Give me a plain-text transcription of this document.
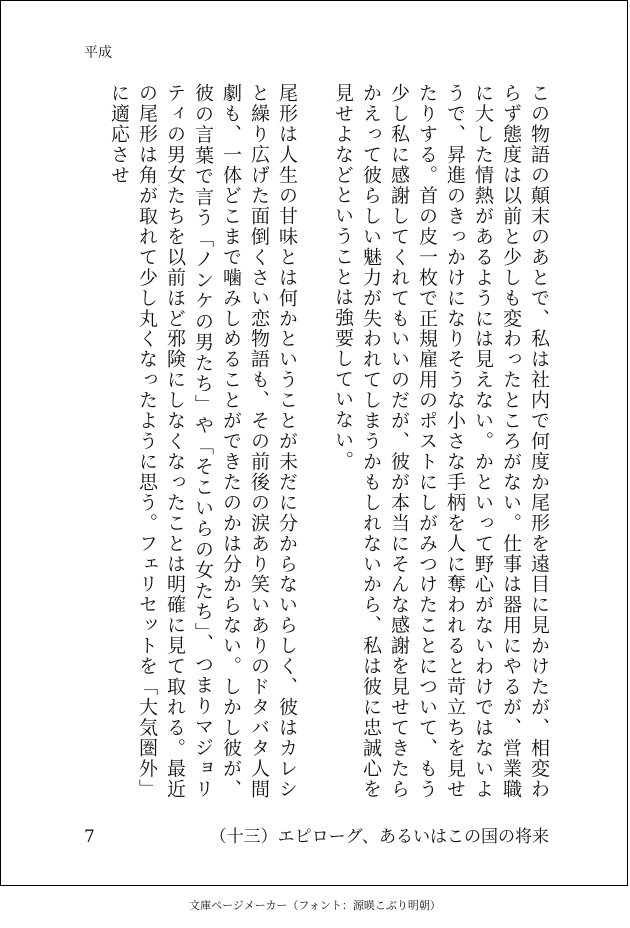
平成

この物語の顛末のあとで、私は社内で何度か尾形を遠目に見かけたが、相変わらず態度は以前と少しも変わったところがない。仕事は器用にやるが、営業職に大した情熱があるようには見えない。かといって野心がないわけではないようで、昇進のきっかけになりそうな小さな手柄を人に奪われると苛立ちを見せたりする。首の皮一枚で正規雇用のポストにしがみつけたことについて、もう少し私に感謝してくれてもいいのだが、彼が本当にそんな感謝を見せてきたらかえって彼らしい魅力が失われてしまうかもしれないから、私は彼に忠誠心を見せよなどということは強要していない。

尾形は人生の甘味とは何かということが未だに分からないらしく、彼はカレシと繰り広げた面倒くさい恋物語も、その前後の涙あり笑いありのドタバタ人間劇も、一体どこまで噛みしめることができたのかは分からない。しかし彼が、彼の言葉で言う「ノンケの男たち」や「そこいらの女たち」、つまりマジョリティの男女たちを以前ほど邪険にしなくなったことは明確に見て取れる。最近の尾形は角が取れて少し丸くなったように思う。フェリセットを「大気圏外」に適応させ

7	（十三）エピローグ、あるいはこの国の将来
文庫ページメーカー（フォント：源暎こぶり明朝）
